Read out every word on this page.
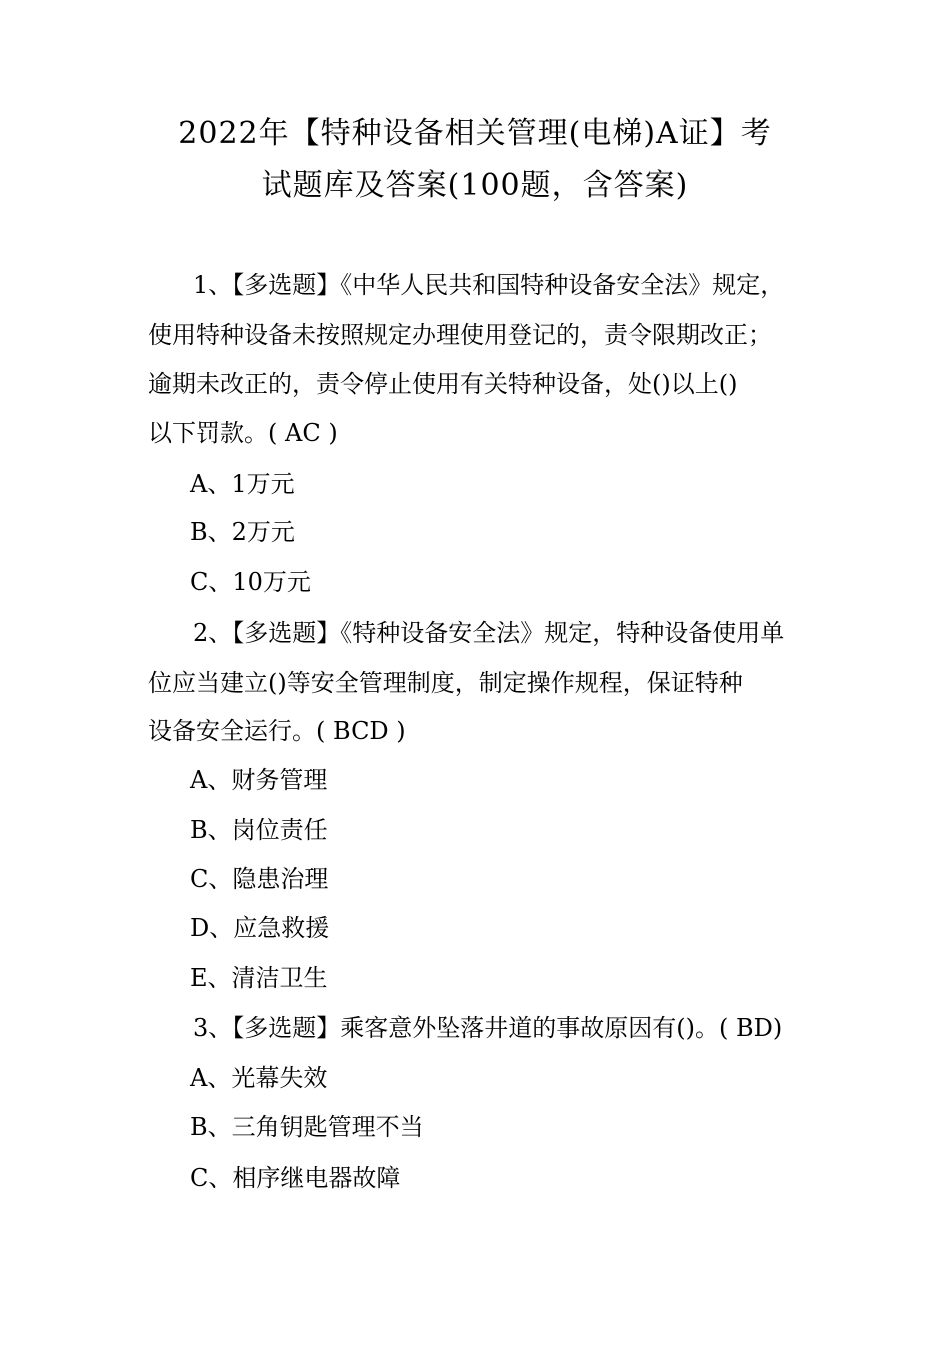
2022年【特种设备相关管理(电梯)A证】考
试题库及答案(100题，含答案)
1、【多选题】《中华人民共和国特种设备安全法》规定，
使用特种设备未按照规定办理使用登记的，责令限期改正；
逾期未改正的，责令停止使用有关特种设备，处()以上()
以下罚款。( AC )
A、1万元
B、2万元
C、10万元
2、【多选题】《特种设备安全法》规定，特种设备使用单
位应当建立()等安全管理制度，制定操作规程，保证特种
设备安全运行。( BCD )
A、财务管理
B、岗位责任
C、隐患治理
D、应急救援
E、清洁卫生
3、【多选题】乘客意外坠落井道的事故原因有()。( BD)
A、光幕失效
B、三角钥匙管理不当
C、相序继电器故障
